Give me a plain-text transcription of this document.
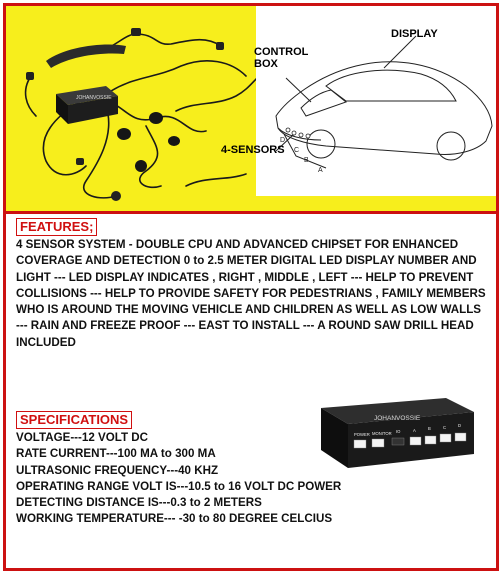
JOHANVOSSIE
D
C
B
A
CONTROL BOX
DISPLAY
4-SENSORS
FEATURES;
4 SENSOR SYSTEM - DOUBLE CPU AND ADVANCED CHIPSET FOR ENHANCED COVERAGE AND DETECTION 0 to 2.5 METER DIGITAL LED DISPLAY NUMBER AND LIGHT --- LED DISPLAY INDICATES , RIGHT , MIDDLE , LEFT --- HELP TO PREVENT COLLISIONS --- HELP TO PROVIDE SAFETY FOR PEDESTRIANS , FAMILY MEMBERS WHO IS AROUND THE MOVING VEHICLE AND CHILDREN AS WELL AS LOW WALLS --- RAIN AND FREEZE PROOF --- EAST TO INSTALL --- A ROUND SAW DRILL HEAD INCLUDED
SPECIFICATIONS
VOLTAGE---12 VOLT DC
RATE CURRENT---100 MA to 300 MA
ULTRASONIC FREQUENCY---40 KHZ
OPERATING RANGE VOLT IS---10.5 to 16 VOLT DC POWER
DETECTING DISTANCE IS---0.3 to 2 METERS
WORKING TEMPERATURE--- -30 to 80 DEGREE CELCIUS
JOHANVOSSIE
POWER MONITOR IO	A	B	C	D
